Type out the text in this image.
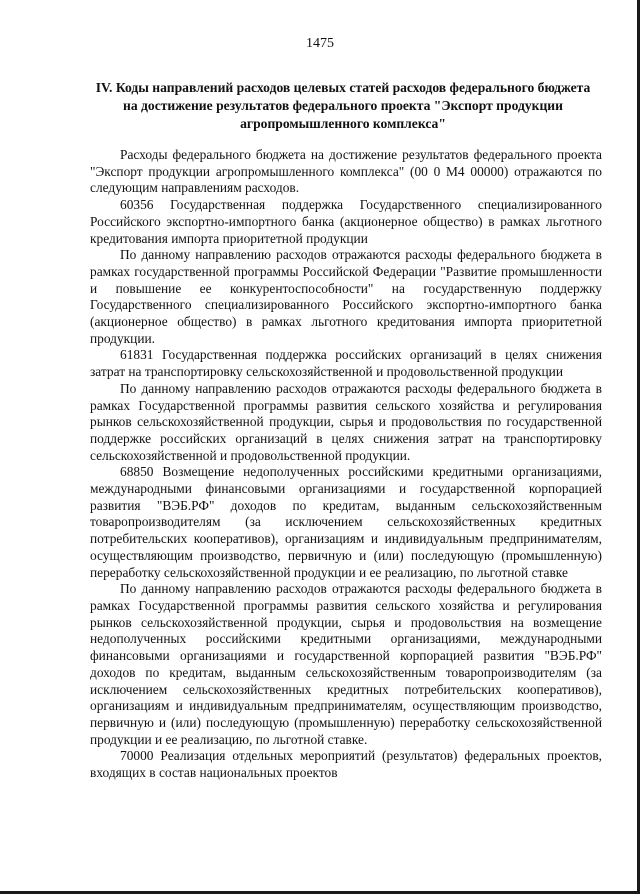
1475
IV. Коды направлений расходов целевых статей расходов федерального бюджета на достижение результатов федерального проекта "Экспорт продукции агропромышленного комплекса"

Расходы федерального бюджета на достижение результатов федерального проекта "Экспорт продукции агропромышленного комплекса" (00 0 М4 00000) отражаются по следующим направлениям расходов.

60356 Государственная поддержка Государственного специализированного Российского экспортно-импортного банка (акционерное общество) в рамках льготного кредитования импорта приоритетной продукции

По данному направлению расходов отражаются расходы федерального бюджета в рамках государственной программы Российской Федерации "Развитие промышленности и повышение ее конкурентоспособности" на государственную поддержку Государственного специализированного Российского экспортно-импортного банка (акционерное общество) в рамках льготного кредитования импорта приоритетной продукции.

61831 Государственная поддержка российских организаций в целях снижения затрат на транспортировку сельскохозяйственной и продовольственной продукции

По данному направлению расходов отражаются расходы федерального бюджета в рамках Государственной программы развития сельского хозяйства и регулирования рынков сельскохозяйственной продукции, сырья и продовольствия по государственной поддержке российских организаций в целях снижения затрат на транспортировку сельскохозяйственной и продовольственной продукции.

68850 Возмещение недополученных российскими кредитными организациями, международными финансовыми организациями и государственной корпорацией развития "ВЭБ.РФ" доходов по кредитам, выданным сельскохозяйственным товаропроизводителям (за исключением сельскохозяйственных кредитных потребительских кооперативов), организациям и индивидуальным предпринимателям, осуществляющим производство, первичную и (или) последующую (промышленную) переработку сельскохозяйственной продукции и ее реализацию, по льготной ставке

По данному направлению расходов отражаются расходы федерального бюджета в рамках Государственной программы развития сельского хозяйства и регулирования рынков сельскохозяйственной продукции, сырья и продовольствия на возмещение недополученных российскими кредитными организациями, международными финансовыми организациями и государственной корпорацией развития "ВЭБ.РФ" доходов по кредитам, выданным сельскохозяйственным товаропроизводителям (за исключением сельскохозяйственных кредитных потребительских кооперативов), организациям и индивидуальным предпринимателям, осуществляющим производство, первичную и (или) последующую (промышленную) переработку сельскохозяйственной продукции и ее реализацию, по льготной ставке.

70000 Реализация отдельных мероприятий (результатов) федеральных проектов, входящих в состав национальных проектов
